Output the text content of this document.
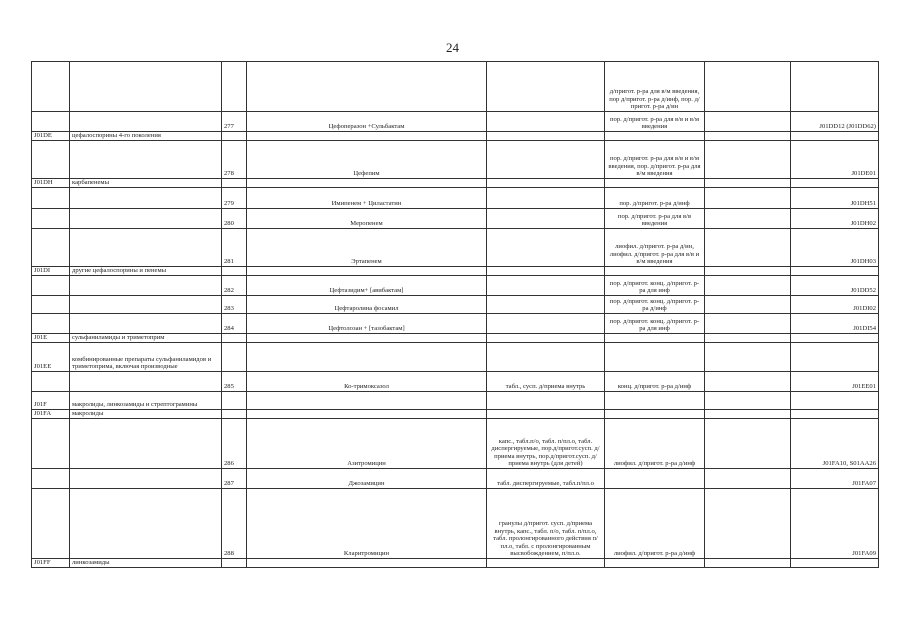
24
					д/пригот. р-ра для в/м введения, пор д/пригот. р-ра д/инф, пор. д/пригот. р-ра д/ин		
		277	Цефоперазон +Сульбактам		пор. д/пригот. р-ра для в/в и в/м введения		J01DD12 (J01DD62)
J01DE	цефалоспорины 4-го поколения						
		278	Цефепим		пор. д/пригот. р-ра для в/в и в/м введения, пор. д/пригот. р-ра для в/м введения		J01DE01
J01DH	карбапенемы						
		279	Имипенем + Циластатин		пор. д/пригот. р-ра д/инф		J01DH51
		280	Меропенем		пор. д/пригот. р-ра для в/в введения		J01DH02
		281	Эртапенем		лиофил. д/пригот. р-ра д/ин, лиофил. д/пригот. р-ра для в/в и в/м введения		J01DH03
J01DI	другие цефалоспорины и пенемы						
		282	Цефтазидим+ [авибактам]		пор. д/пригот. конц. д/пригот. р-ра для инф		J01DD52
		283	Цефтаролина фосамил		пор. д/пригот. конц. д/пригот. р-ра д/инф		J01DI02
		284	Цефтолозан + [тазобактам]		пор. д/пригот. конц. д/пригот. р-ра для инф		J01DI54
J01E	сульфаниламиды и триметоприм						
J01EE	комбинированные препараты сульфаниламидов и триметоприма, включая производные						
		285	Ко-тримоксазол	табл., сусп. д/приема внутрь	конц. д/пригот. р-ра д/инф		J01EE01
J01F	макролиды, линкозамиды и стрептограмины						
J01FA	макролиды						
		286	Азитромицин	капс., табл.п/о, табл. п/пл.о, табл. диспергируемые, пор.д/пригот.сусп. д/приема внутрь, пор.д/пригот.сусп. д/приема внутрь (для детей)	лиофил. д/пригот. р-ра д/инф		J01FA10, S01AA26
		287	Джозамицин	табл. диспергируемые, табл.п/пл.о			J01FA07
		288	Кларитромицин	гранулы д/пригот. сусп. д/приема внутрь, капс., табл. п/о, табл. п/пл.о, табл. пролонгированного действия п/пл.о, табл. с пролонгированным высвобождением, п/пл.о.	лиофил. д/пригот. р-ра д/инф		J01FA09
J01FF	линкозамиды						
